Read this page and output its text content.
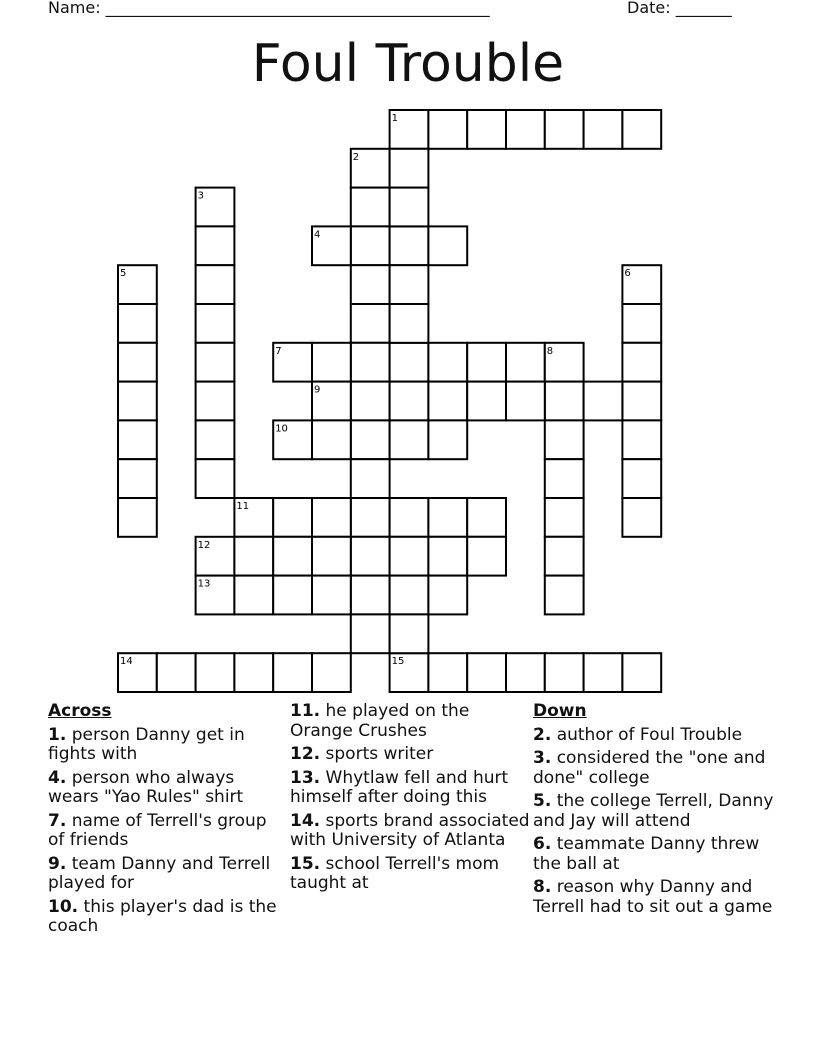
Name: ________________________________________________	Date: _______
Foul Trouble
1
2
3
4
5	6
7	8
9
10
11
12
13
14	15
Across
1. person Danny get in fights with
4. person who always wears "Yao Rules" shirt
7. name of Terrell's group of friends
9. team Danny and Terrell played for
10. this player's dad is the coach
11. he played on the Orange Crushes
12. sports writer
13. Whytlaw fell and hurt himself after doing this
14. sports brand associated with University of Atlanta
15. school Terrell's mom taught at
Down
2. author of Foul Trouble
3. considered the "one and done" college
5. the college Terrell, Danny and Jay will attend
6. teammate Danny threw the ball at
8. reason why Danny and Terrell had to sit out a game
